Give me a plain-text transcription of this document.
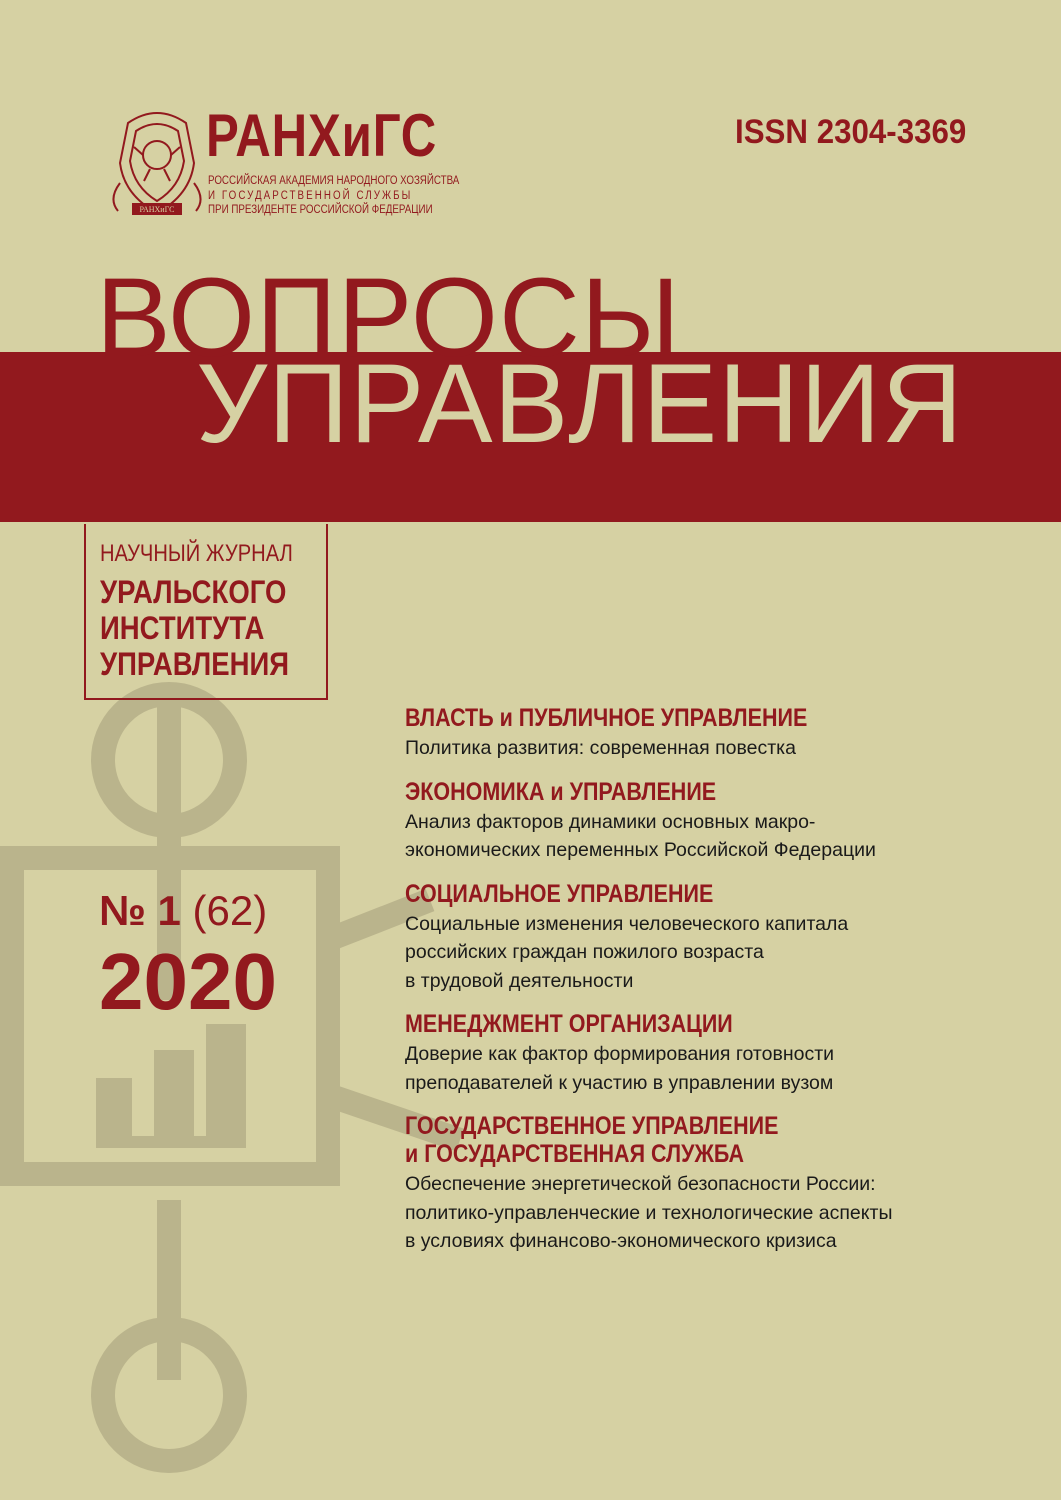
РАНХиГС
РАНХиГС
РОССИЙСКАЯ АКАДЕМИЯ НАРОДНОГО ХОЗЯЙСТВА
И ГОСУДАРСТВЕННОЙ СЛУЖБЫ
ПРИ ПРЕЗИДЕНТЕ РОССИЙСКОЙ ФЕДЕРАЦИИ
ISSN 2304-3369
ВОПРОСЫ
УПРАВЛЕНИЯ
НАУЧНЫЙ ЖУРНАЛ
УРАЛЬСКОГО
ИНСТИТУТА
УПРАВЛЕНИЯ
№ 1 (62)
2020
ВЛАСТЬ и ПУБЛИЧНОЕ УПРАВЛЕНИЕ
Политика развития: современная повестка
ЭКОНОМИКА и УПРАВЛЕНИЕ
Анализ факторов динамики основных макро-
экономических переменных Российской Федерации
СОЦИАЛЬНОЕ УПРАВЛЕНИЕ
Социальные изменения человеческого капитала
российских граждан пожилого возраста
в трудовой деятельности
МЕНЕДЖМЕНТ ОРГАНИЗАЦИИ
Доверие как фактор формирования готовности
преподавателей к участию в управлении вузом
ГОСУДАРСТВЕННОЕ УПРАВЛЕНИЕ
и ГОСУДАРСТВЕННАЯ СЛУЖБА
Обеспечение энергетической безопасности России:
политико-управленческие и технологические аспекты
в условиях финансово-экономического кризиса
